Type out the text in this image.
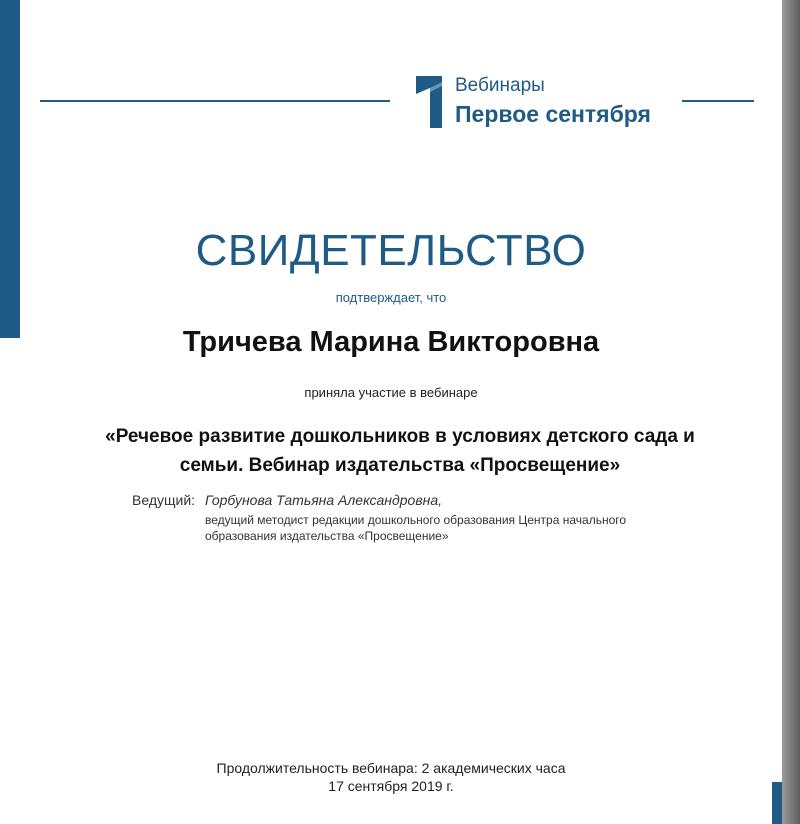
Вебинары
Первое сентября
СВИДЕТЕЛЬСТВО
подтверждает, что
Тричева Марина Викторовна
приняла участие в вебинаре
«Речевое развитие дошкольников в условиях детского сада и семьи. Вебинар издательства «Просвещение»
Ведущий: Горбунова Татьяна Александровна,
ведущий методист редакции дошкольного образования Центра начального образования издательства «Просвещение»
Продолжительность вебинара: 2 академических часа
17 сентября 2019 г.
